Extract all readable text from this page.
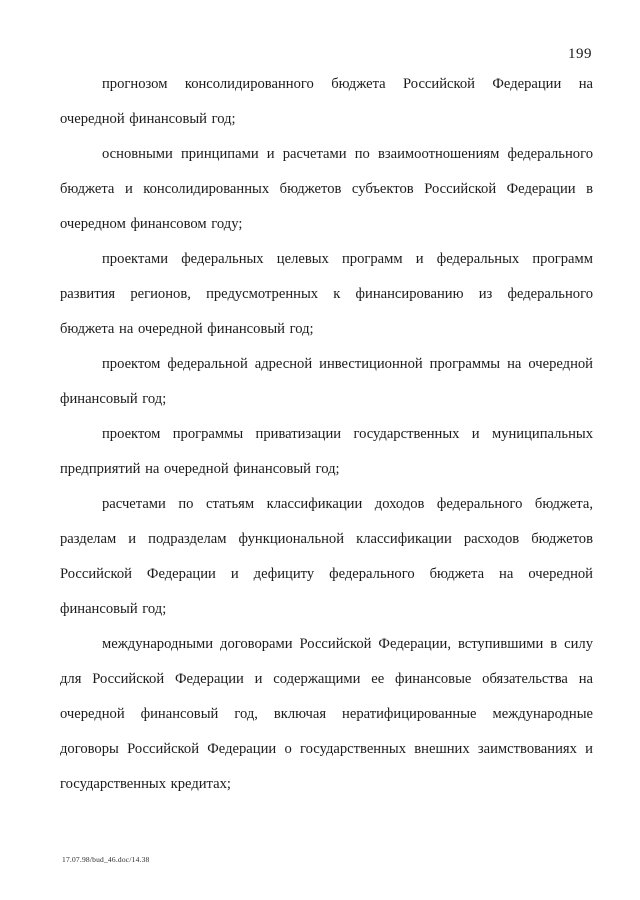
199
прогнозом консолидированного бюджета Российской Федерации на
очередной финансовый год;
основными принципами и расчетами по взаимоотношениям федерального
бюджета и консолидированных бюджетов субъектов Российской Федерации в
очередном финансовом году;
проектами федеральных целевых программ и федеральных программ
развития регионов, предусмотренных к финансированию из федерального
бюджета на очередной финансовый год;
проектом федеральной адресной инвестиционной программы на очередной
финансовый год;
проектом программы приватизации государственных и муниципальных
предприятий на очередной финансовый год;
расчетами по статьям классификации доходов федерального бюджета,
разделам и подразделам функциональной классификации расходов бюджетов
Российской Федерации и дефициту федерального бюджета на очередной
финансовый год;
международными договорами Российской Федерации, вступившими в силу
для Российской Федерации и содержащими ее финансовые обязательства на
очередной финансовый год, включая нератифицированные международные
договоры Российской Федерации о государственных внешних заимствованиях и
государственных кредитах;
17.07.98/bud_46.doc/14.38
